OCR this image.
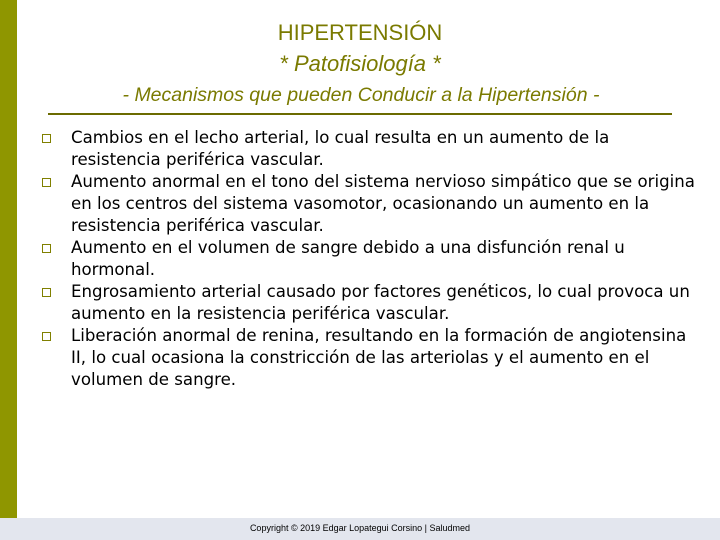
HIPERTENSIÓN
* Patofisiología *
- Mecanismos que pueden Conducir a la Hipertensión -
Cambios en el lecho arterial, lo cual resulta en un aumento de la resistencia periférica vascular.
Aumento anormal en el tono del sistema nervioso simpático que se origina en los centros del sistema vasomotor, ocasionando un aumento en la resistencia periférica vascular.
Aumento en el volumen de sangre debido a una disfunción renal u hormonal.
Engrosamiento arterial causado por factores genéticos, lo cual provoca un aumento en la resistencia periférica vascular.
Liberación anormal de renina, resultando en la formación de angiotensina II, lo cual ocasiona la constricción de las arteriolas y el aumento en el volumen de sangre.
Copyright © 2019 Edgar Lopategui Corsino | Saludmed
